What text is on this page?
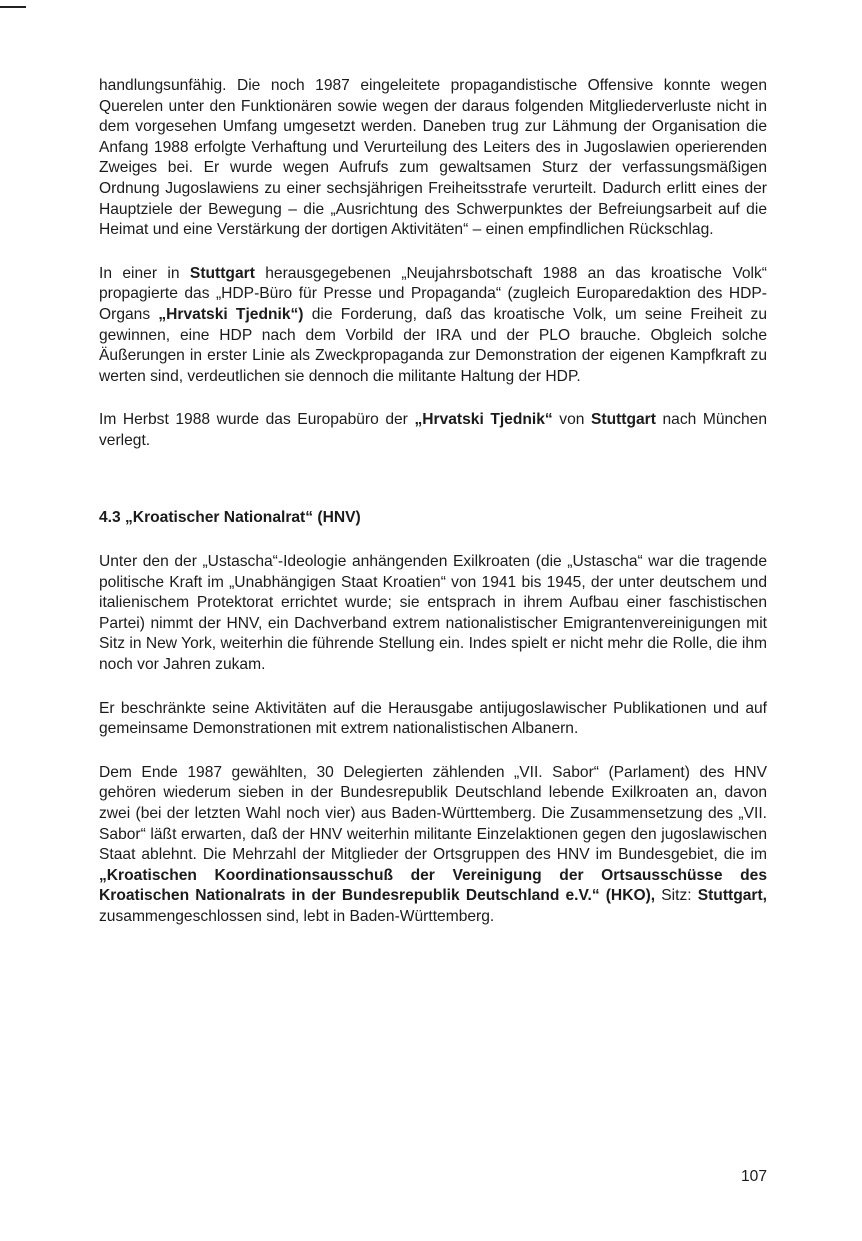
handlungsunfähig. Die noch 1987 eingeleitete propagandistische Offensive konnte wegen Querelen unter den Funktionären sowie wegen der daraus folgenden Mitgliederverluste nicht in dem vorgesehen Umfang umgesetzt werden. Daneben trug zur Lähmung der Organisation die Anfang 1988 erfolgte Verhaftung und Verurteilung des Leiters des in Jugoslawien operierenden Zweiges bei. Er wurde wegen Aufrufs zum gewaltsamen Sturz der verfassungsmäßigen Ordnung Jugoslawiens zu einer sechsjährigen Freiheitsstrafe verurteilt. Dadurch erlitt eines der Hauptziele der Bewegung – die „Ausrichtung des Schwerpunktes der Befreiungsarbeit auf die Heimat und eine Verstärkung der dortigen Aktivitäten“ – einen empfindlichen Rückschlag.

In einer in Stuttgart herausgegebenen „Neujahrsbotschaft 1988 an das kroatische Volk“ propagierte das „HDP-Büro für Presse und Propaganda“ (zugleich Europaredaktion des HDP-Organs „Hrvatski Tjednik“) die Forderung, daß das kroatische Volk, um seine Freiheit zu gewinnen, eine HDP nach dem Vorbild der IRA und der PLO brauche. Obgleich solche Äußerungen in erster Linie als Zweckpropaganda zur Demonstration der eigenen Kampfkraft zu werten sind, verdeutlichen sie dennoch die militante Haltung der HDP.

Im Herbst 1988 wurde das Europabüro der „Hrvatski Tjednik“ von Stuttgart nach München verlegt.

4.3 „Kroatischer Nationalrat“ (HNV)

Unter den der „Ustascha“-Ideologie anhängenden Exilkroaten (die „Ustascha“ war die tragende politische Kraft im „Unabhängigen Staat Kroatien“ von 1941 bis 1945, der unter deutschem und italienischem Protektorat errichtet wurde; sie entsprach in ihrem Aufbau einer faschistischen Partei) nimmt der HNV, ein Dachverband extrem nationalistischer Emigrantenvereinigungen mit Sitz in New York, weiterhin die führende Stellung ein. Indes spielt er nicht mehr die Rolle, die ihm noch vor Jahren zukam.

Er beschränkte seine Aktivitäten auf die Herausgabe antijugoslawischer Publikationen und auf gemeinsame Demonstrationen mit extrem nationalistischen Albanern.

Dem Ende 1987 gewählten, 30 Delegierten zählenden „VII. Sabor“ (Parlament) des HNV gehören wiederum sieben in der Bundesrepublik Deutschland lebende Exilkroaten an, davon zwei (bei der letzten Wahl noch vier) aus Baden-Württemberg. Die Zusammensetzung des „VII. Sabor“ läßt erwarten, daß der HNV weiterhin militante Einzelaktionen gegen den jugoslawischen Staat ablehnt. Die Mehrzahl der Mitglieder der Ortsgruppen des HNV im Bundesgebiet, die im „Kroatischen Koordinationsausschuß der Vereinigung der Ortsausschüsse des Kroatischen Nationalrats in der Bundesrepublik Deutschland e.V.“ (HKO), Sitz: Stuttgart, zusammengeschlossen sind, lebt in Baden-Württemberg.

107
